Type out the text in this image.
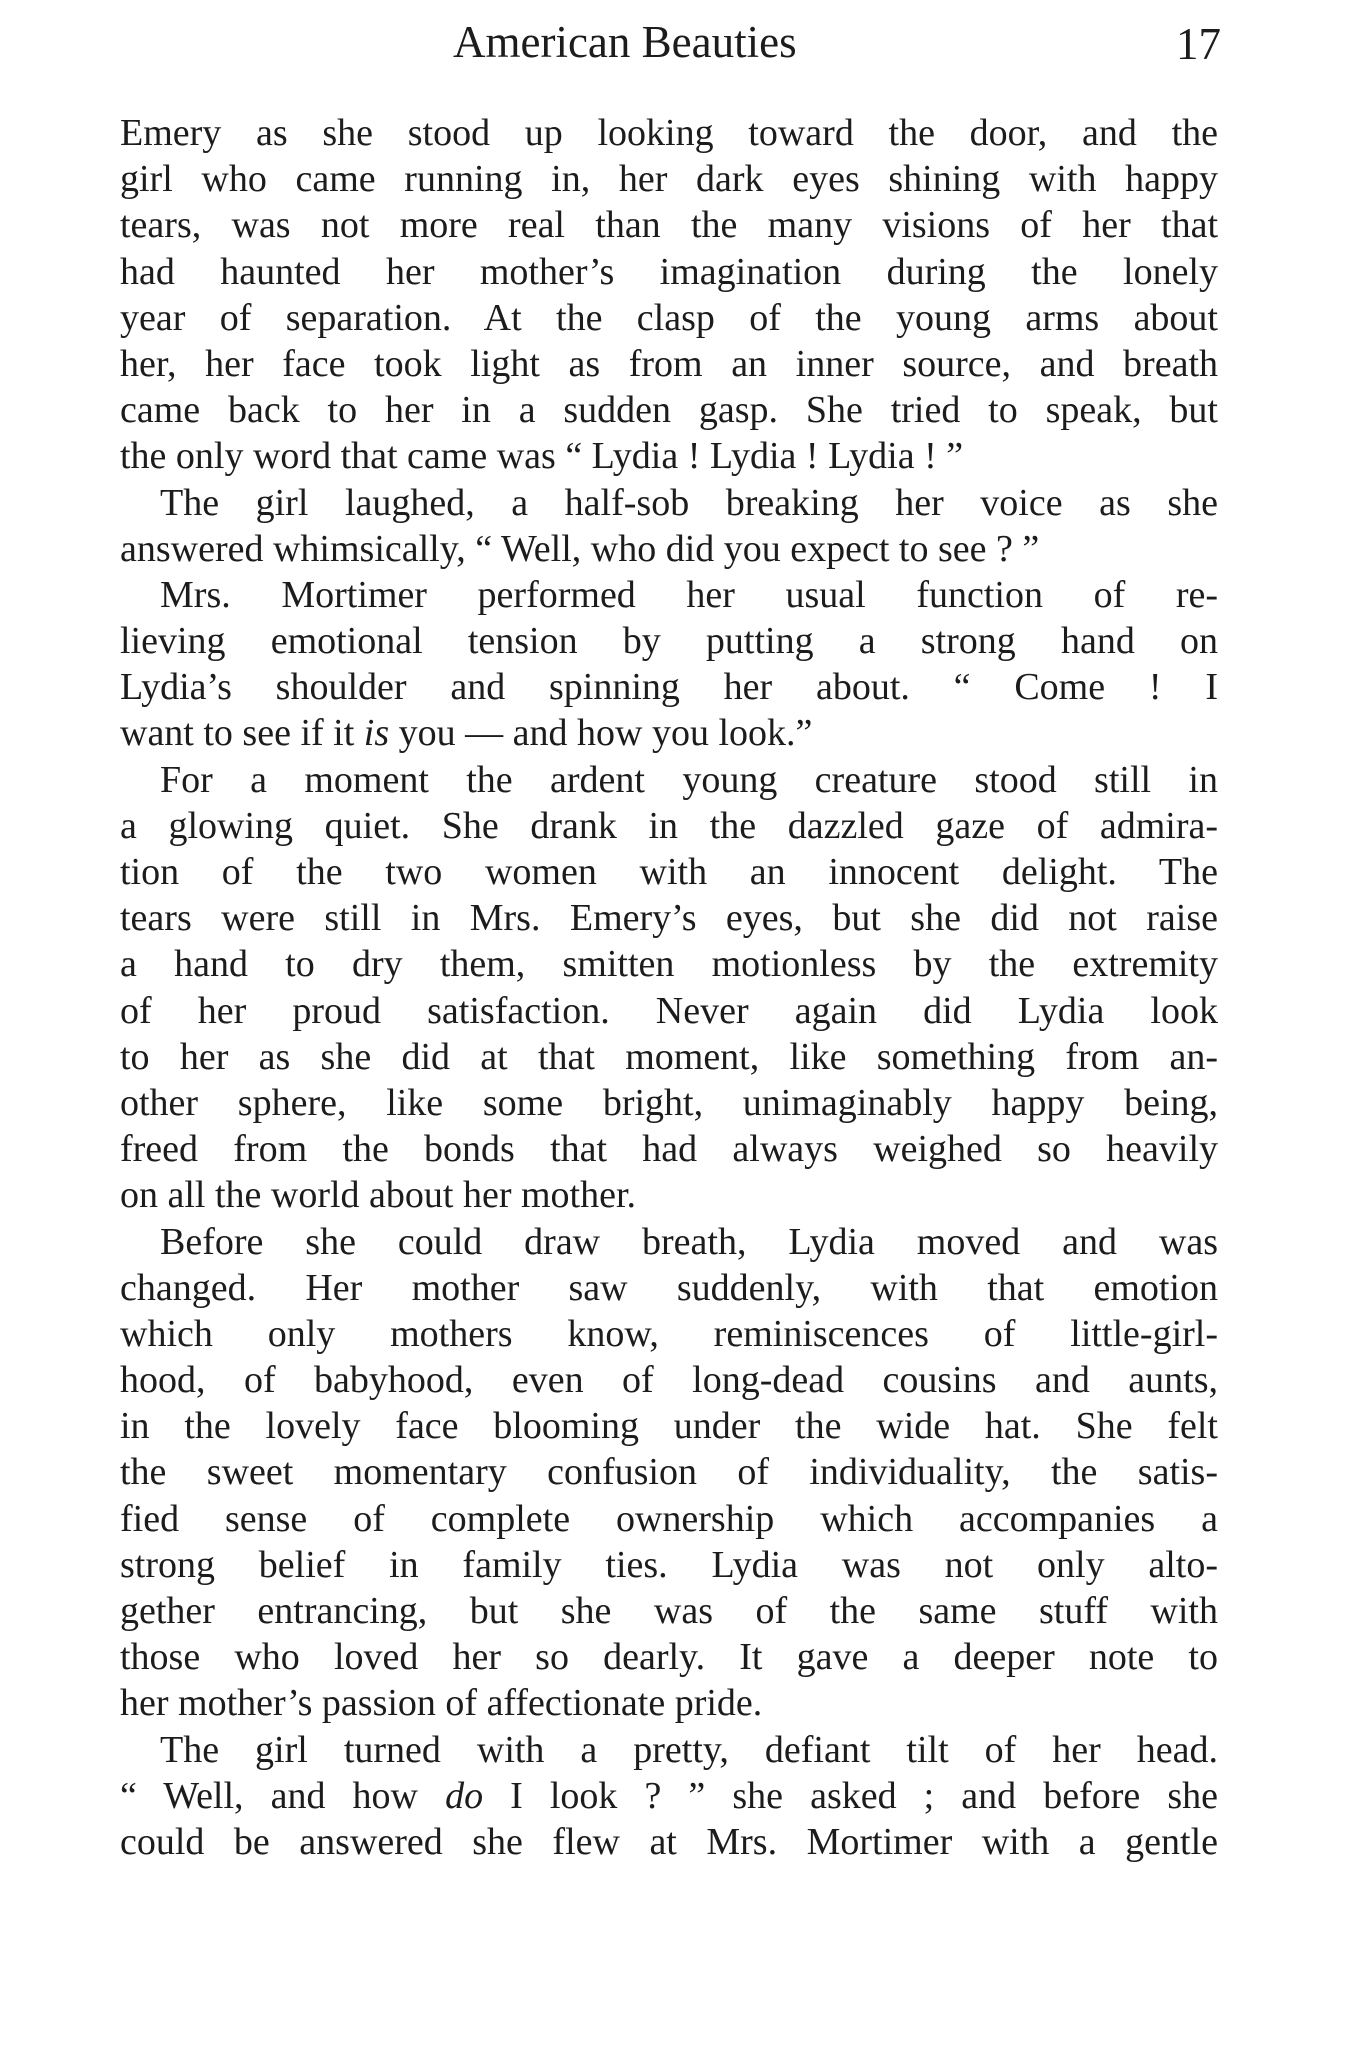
American Beauties	17
Emery as she stood up looking toward the door, and the
girl who came running in, her dark eyes shining with happy
tears, was not more real than the many visions of her that
had haunted her mother’s imagination during the lonely
year of separation. At the clasp of the young arms about
her, her face took light as from an inner source, and breath
came back to her in a sudden gasp. She tried to speak, but
the only word that came was “ Lydia ! Lydia ! Lydia ! ”
The girl laughed, a half-sob breaking her voice as she
answered whimsically, “ Well, who did you expect to see ? ”
Mrs. Mortimer performed her usual function of re-
lieving emotional tension by putting a strong hand on
Lydia’s shoulder and spinning her about. “ Come ! I
want to see if it is you — and how you look.”
For a moment the ardent young creature stood still in
a glowing quiet. She drank in the dazzled gaze of admira-
tion of the two women with an innocent delight. The
tears were still in Mrs. Emery’s eyes, but she did not raise
a hand to dry them, smitten motionless by the extremity
of her proud satisfaction. Never again did Lydia look
to her as she did at that moment, like something from an-
other sphere, like some bright, unimaginably happy being,
freed from the bonds that had always weighed so heavily
on all the world about her mother.
Before she could draw breath, Lydia moved and was
changed. Her mother saw suddenly, with that emotion
which only mothers know, reminiscences of little-girl-
hood, of babyhood, even of long-dead cousins and aunts,
in the lovely face blooming under the wide hat. She felt
the sweet momentary confusion of individuality, the satis-
fied sense of complete ownership which accompanies a
strong belief in family ties. Lydia was not only alto-
gether entrancing, but she was of the same stuff with
those who loved her so dearly. It gave a deeper note to
her mother’s passion of affectionate pride.
The girl turned with a pretty, defiant tilt of her head.
“ Well, and how do I look ? ” she asked ; and before she
could be answered she flew at Mrs. Mortimer with a gentle
